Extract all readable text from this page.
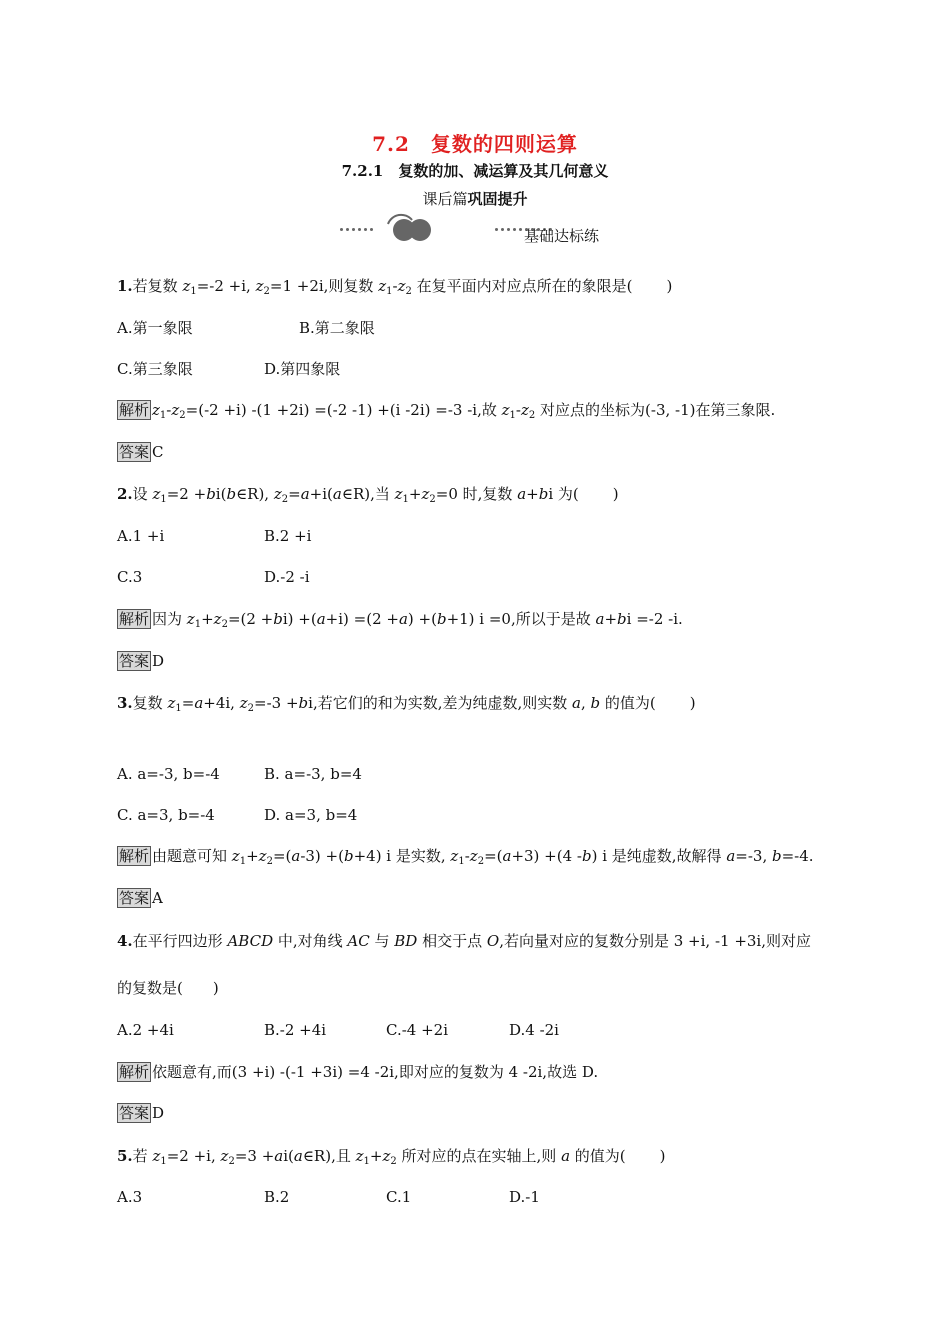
7.2　复数的四则运算
7.2.1　复数的加、减运算及其几何意义
课后篇巩固提升
基础达标练
1.若复数 $z_1=-2 +i$, $z_2=1 +2i$,则复数 $z_1-z_2$ 在复平面内对应点所在的象限是( )
A.第一象限	B.第二象限
C.第三象限	D.第四象限
解析 $z_1-z_2=(-2 +i)$ -(1 +2i) =(-2 -1) +(i -2i) =-3 -i,故 $z_1-z_2$ 对应点的坐标为(-3, -1)在第三象限.
答案 C
2.设 $z_1=2$ +bi(b∈R), $z_2=a+i(a\in R)$,当 $z_1+z_2=0$ 时,复数 a+bi 为( )
A.1 +i	B.2 +i
C.3	D.-2 -i
解析 因为 $z_1+z_2=(2 +bi) +(a+i) =(2 +a) +(b+1)$ i =0,所以于是故 a+bi =-2 -i.
答案 D
3.复数 $z_1=a+4i$, $z_2=-3 +bi$,若它们的和为实数,差为纯虚数,则实数 a, b 的值为( )
A. a=-3, b=-4	B. a=-3, b=4
C. a=3, b=-4	D. a=3, b=4
解析 由题意可知 $z_1+z_2=(a-3) +(b+4)$ i 是实数, $z_1-z_2=(a+3) +(4$ -b) i 是纯虚数,故解得 a=-3, b=-4.
答案 A
4.在平行四边形 ABCD 中,对角线 AC 与 BD 相交于点 O,若向量对应的复数分别是 3 +i, -1 +3i,则对应
的复数是(　　)
A.2 +4i	B.-2 +4i	C.-4 +2i	D.4 -2i
解析 依题意有,而(3 +i) -(-1 +3i) =4 -2i,即对应的复数为 4 -2i,故选 D.
答案 D
5.若 $z_1=2 +i$, $z_2=3$ +ai(a∈R),且 $z_1+z_2$ 所对应的点在实轴上,则 a 的值为( )
A.3	B.2	C.1	D.-1
